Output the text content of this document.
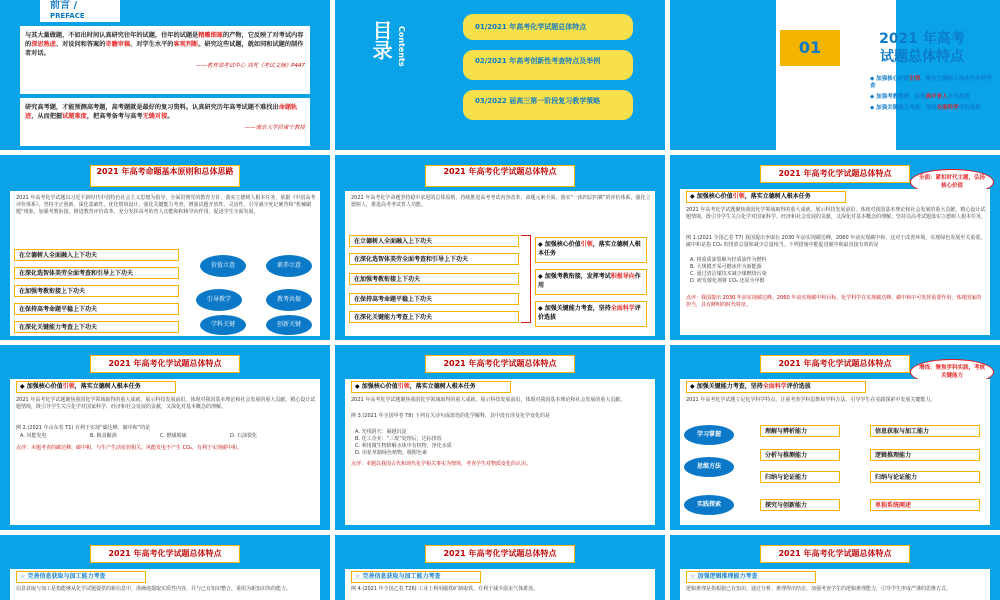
前言 /
PREFACE
与其大量做题，不如出时间认真研究往年的试题，往年的试题是精雕细琢的产物，它反映了对考试内容的深思熟虑、对设问和答案的奇瞻审稿、对学生水平的客观判断。研究这些试题，就如同和试题的制作者对话。
——教育部考试中心 刘芃《考试文摘》P447
研究高考题，才能预测高考题，高考题就是最好的复习资料。认真研究历年高考试题不难找出命题轨迹，从而把握试题难度，把高考备考与高考无缝对接。
——南京大学段康宁教授
目录 Contents	01/2021 年高考化学试题总体特点
02/2021 年高考创新性考查特点及举例
03/2022 届高三第一阶段复习教学策略
01	2021 年高考
试题总体特点
◆ 加强核心价值引领，落实立德树人根本任务的考查
◆ 加强考教衔接，促进高中育人方式改革
◆ 加强关键能力考查，坚持全面科学评价选拔
2021 年高考命题基本原则和总体思路
2021 年高考化学试题以习近平新时代中国特色社会主义思想为指导，全面贯彻党的教育方针，落实立德树人根本任务，依据《中国高考评价体系》，坚持守正创新，深化基础性，优化情境设计，强化关键能力考查，增强试题开放性、灵活性，引导减少死记硬背和“机械刷题”现象，加强考教衔接，推进教育评价改革，充分发挥高考的育人功能和积极导向作用，促进学生全面发展。
在立德树人全面融入上下功夫
在深化选智体美劳全面考查和引导上下功夫
在加强考教衔接上下功夫
在保持高考命题平稳上下功夫
在深化关键能力考查上下功夫
价值立意	素养立意
引导教学	教考共振
学科关键	创新关键
2021 年高考化学试题总体特点
2021 年高考化学命题坚持稳中求进的总体原则，持续推进高考考试内容改革，命题元素全面，落实“一体四层四翼”的评价体系，强化立德树人，推进高考考试育人功能。
在立德树人全面融入上下功夫
在深化选智体美劳全面考查和引导上下功夫
在加强考教衔接上下功夫
在保持高考命题平稳上下功夫
在深化关键能力考查上下功夫
◆ 加强核心价值引领，落实立德树人根本任务
◆ 加强考教衔接，发挥考试积极导向作用
◆ 加强关键能力考查，坚持全面科学评价选拔
2021 年高考化学试题总体特点	全面：紧扣时代主题，弘扬核心价值
◆ 加强核心价值引领，落实立德树人根本任务
2021 年高考化学试题聚焦我国化学领域取得的重大成就，展示科技发展前沿，体现对我国基本理论和社会发展的重大贡献，精心设计试题情境，既引导学生关注化学对国家科学、经济和社会发展的贡献，又深化对基本概念的理解。坚持以高考试题落实立德树人根本任务。
例 1.(2021 全国乙卷 T7) 我国提出争取在 2030 年前实现碳达峰，2060 年前实现碳中和，这对于改善环境，实现绿色发展至关重要。碳中和是指 CO₂ 的排放总量和减少总量相当。下列措施中能促进碳中和最直接有效的是
A. 将重质油裂解为轻质油作为燃料
B. 大规模开采可燃冰作为新能源
C. 通过清洁煤技术减少煤燃烧污染
D. 研发催化剂将 CO₂ 还原为甲醇
点评：我国提出 2030 年前实现碳达峰、2060 年前实现碳中和目标，化学科学在实现碳达峰、碳中和中可发挥重要作用，体现国家的担当，具有鲜明的时代特征。
2021 年高考化学试题总体特点
◆ 加强核心价值引领，落实立德树人根本任务
2021 年高考化学试题聚焦我国化学领域取得的重大成就，展示科技发展前沿，体现对我国基本理论和社会发展的重大贡献，精心设计试题情境，既引导学生关注化学对国家科学、经济和社会发展的贡献，又深化对基本概念的理解。
例 2.(2021 年山东卷 T1) 有利于实现“碳达峰、碳中和”的是
A. 风能发电	B. 粮食酿酒	C. 燃煤脱硫	D. 石油裂化
点评：本题考查的碳达峰、碳中和，与生产生活密切相关。风能发电不产生 CO₂，有利于实现碳中和。
2021 年高考化学试题总体特点
◆ 加强核心价值引领，落实立德树人根本任务
2021 年高考化学试题聚焦我国化学领域取得的重大成就，展示科技发展前沿，体现对我国基本理论和社会发展的重大贡献。
例 3.(2021 年全国甲卷 T8) 下列有关诗句或谚语的化学解释，其中没有涉及化学变化的是
A. 光线阴天：凝越沉淀
B. 化工企业：“三废”处理后，达标排放
C. 利用微生物降解水体中有机物，净化水质
D. 用花草制绿色植物，吸附色素
点评：本题以我国古代和现代化学相关事实为情境，考查学生对物质变化的认识。
2021 年高考化学试题总体特点	增线：聚焦学科实践，考核关键能力
◆ 加强关键能力考查，坚持全面科学评价选拔
2021 年高考化学试题立足化学科学特点，注重考查学科思维和学科方法，引导学生在实践探索中发展关键能力。
学习掌握
思维方法
实践探索
理解与辨析能力
分析与推测能力
归纳与论证能力
探究与创新能力
信息获取与加工能力
逻辑推理能力
归纳与论证能力
单独系统阐述
2021 年高考化学试题总体特点
☆ 完善信息获取与加工能力考查
信息获取与加工是指能够从化学试题提供的新信息中，准确地提取实质性内容，并与已有知识整合，重组为新知识块的能力。
2021 年高考化学试题总体特点
☆ 完善信息获取与加工能力考查
例 4.(2021 年全国乙卷 T26) 工业上利用磁铁矿制取铁，有利于减少温室气体排放。
2021 年高考化学试题总体特点
☆ 加强逻辑推理能力考查
逻辑推理是指根据已有知识，通过分析、推理得出结论，加强考查学生的逻辑推理能力，引导学生形成严谨的思维方式。
